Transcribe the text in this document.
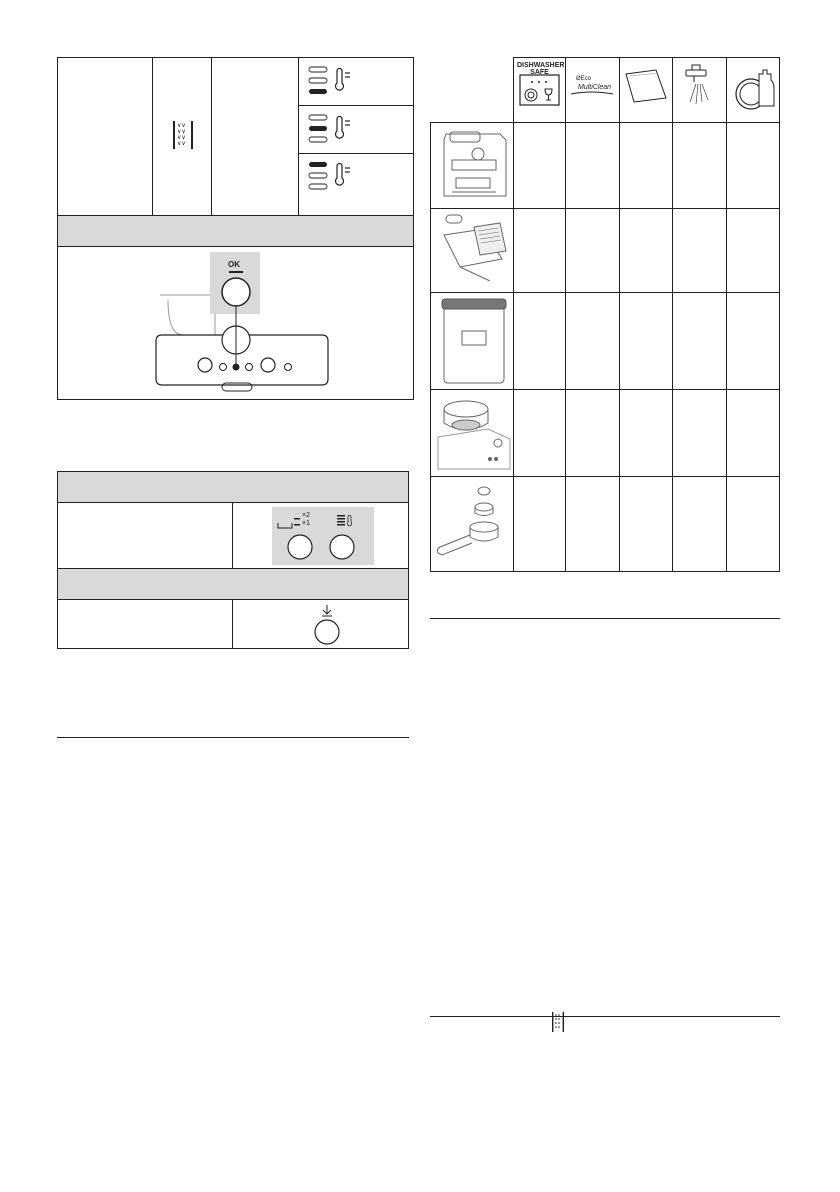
∨∨
∨∨
∨∨
∨∨
OK
×2
×1
DISHWASHER
SAFE
ØEco
MultiClean
